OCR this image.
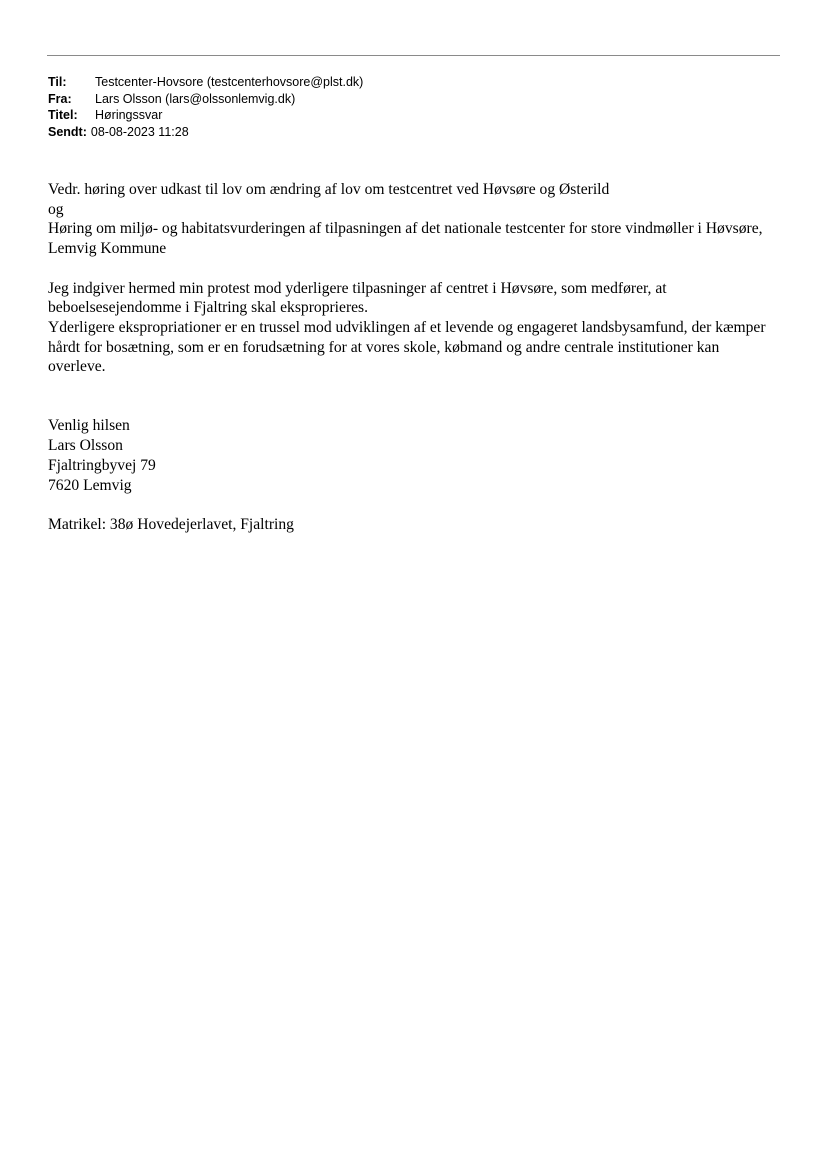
Til: Testcenter-Hovsore (testcenterhovsore@plst.dk)
Fra: Lars Olsson (lars@olssonlemvig.dk)
Titel: Høringssvar
Sendt: 08-08-2023 11:28

Vedr. høring over udkast til lov om ændring af lov om testcentret ved Høvsøre og Østerild

og

Høring om miljø- og habitatsvurderingen af tilpasningen af det nationale testcenter for store vindmøller i Høvsøre, Lemvig Kommune

Jeg indgiver hermed min protest mod yderligere tilpasninger af centret i Høvsøre, som medfører, at beboelsesejendomme i Fjaltring skal eksproprieres.

Yderligere ekspropriationer er en trussel mod udviklingen af et levende og engageret landsbysamfund, der kæmper hårdt for bosætning, som er en forudsætning for at vores skole, købmand og andre centrale institutioner kan overleve.

Venlig hilsen

Lars Olsson

Fjaltringbyvej 79

7620 Lemvig

Matrikel: 38ø Hovedejerlavet, Fjaltring
